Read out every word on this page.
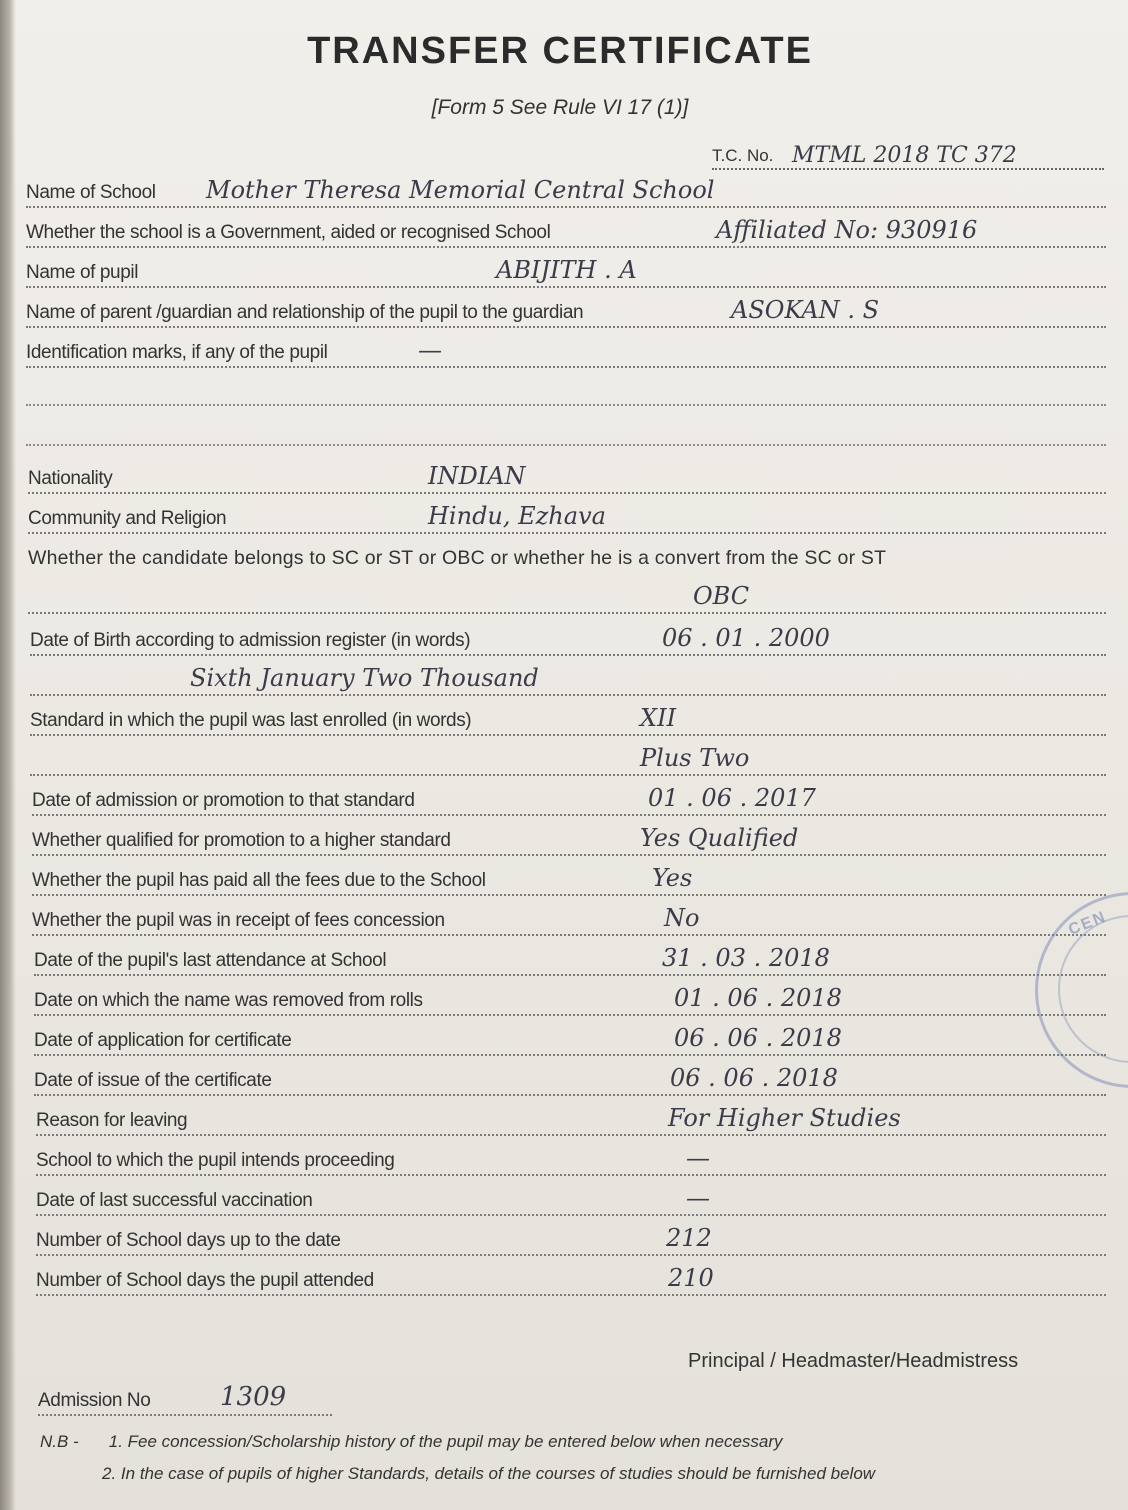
TRANSFER CERTIFICATE
[Form 5 See Rule VI 17 (1)]
T.C. No. MTML 2018 TC 372
Name of School Mother Theresa Memorial Central School
Whether the school is a Government, aided or recognised School	Affiliated No: 930916
Name of pupil	ABIJITH . A
Name of parent /guardian and relationship of the pupil to the guardian	ASOKAN . S
Identification marks, if any of the pupil	—
Nationality	INDIAN
Community and Religion	Hindu, Ezhava
Whether the candidate belongs to SC or ST or OBC or whether he is a convert from the SC or ST
OBC
Date of Birth according to admission register (in words)	06 . 01 . 2000
Sixth January Two Thousand
Standard in which the pupil was last enrolled (in words)	XII
Plus Two
Date of admission or promotion to that standard	01 . 06 . 2017
Whether qualified for promotion to a higher standard	Yes Qualified
Whether the pupil has paid all the fees due to the School	Yes
Whether the pupil was in receipt of fees concession	No
Date of the pupil's last attendance at School	31 . 03 . 2018
Date on which the name was removed from rolls	01 . 06 . 2018
Date of application for certificate	06 . 06 . 2018
Date of issue of the certificate	06 . 06 . 2018
Reason for leaving	For Higher Studies
School to which the pupil intends proceeding	—
Date of last successful vaccination	—
Number of School days up to the date	212
Number of School days the pupil attended	210
CEN
Principal / Headmaster/Headmistress
Admission No	1309
N.B - 1. Fee concession/Scholarship history of the pupil may be entered below when necessary
2. In the case of pupils of higher Standards, details of the courses of studies should be furnished below
